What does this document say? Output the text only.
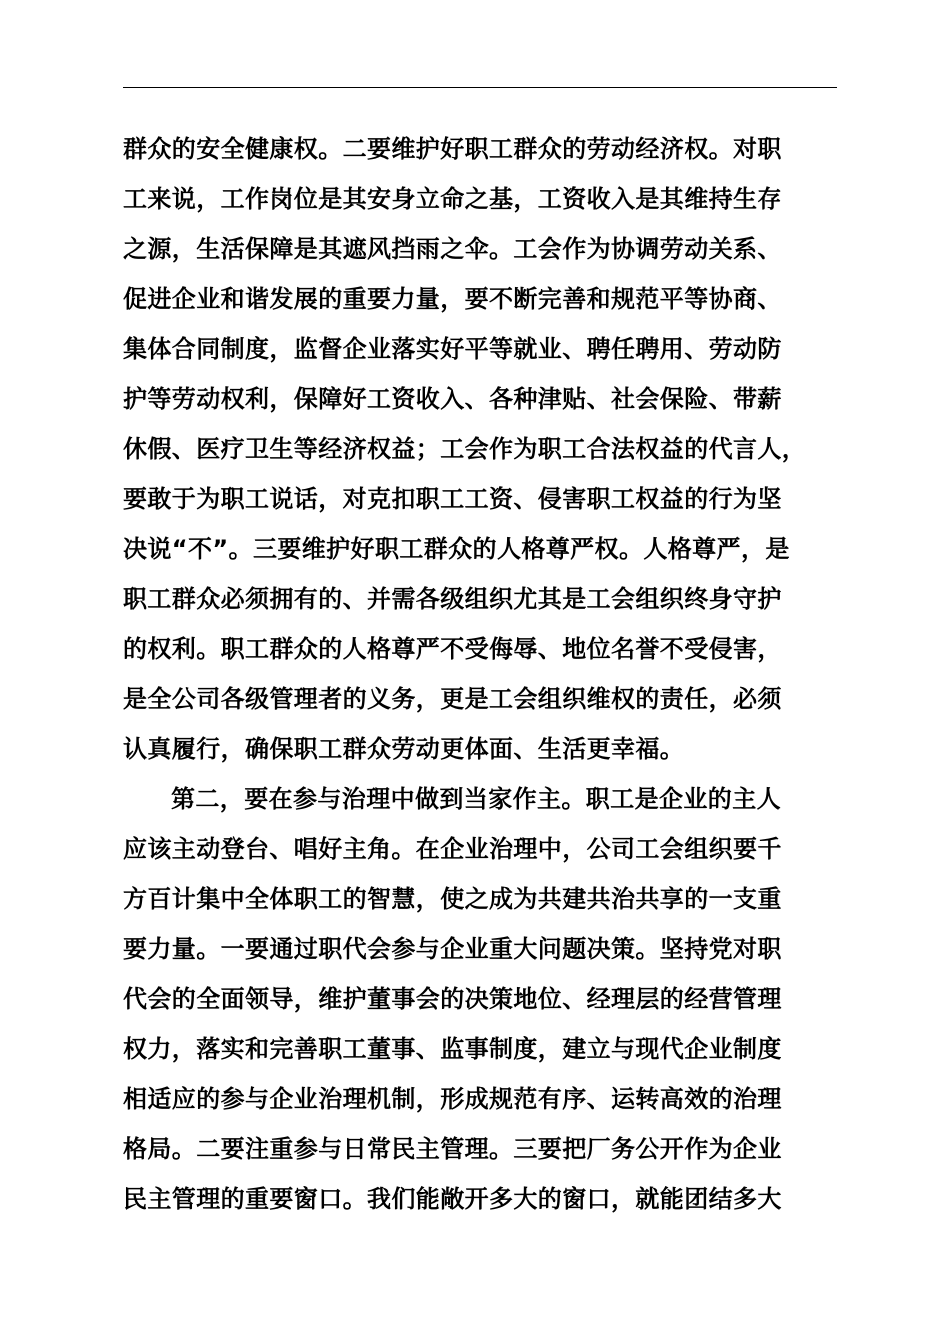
群众的安全健康权。二要维护好职工群众的劳动经济权。对职
工来说，工作岗位是其安身立命之基，工资收入是其维持生存
之源，生活保障是其遮风挡雨之伞。工会作为协调劳动关系、
促进企业和谐发展的重要力量，要不断完善和规范平等协商、
集体合同制度，监督企业落实好平等就业、聘任聘用、劳动防
护等劳动权利，保障好工资收入、各种津贴、社会保险、带薪
休假、医疗卫生等经济权益；工会作为职工合法权益的代言人，
要敢于为职工说话，对克扣职工工资、侵害职工权益的行为坚
决说“不”。三要维护好职工群众的人格尊严权。人格尊严，是
职工群众必须拥有的、并需各级组织尤其是工会组织终身守护
的权利。职工群众的人格尊严不受侮辱、地位名誉不受侵害，
是全公司各级管理者的义务，更是工会组织维权的责任，必须
认真履行，确保职工群众劳动更体面、生活更幸福。
第二，要在参与治理中做到当家作主。职工是企业的主人
应该主动登台、唱好主角。在企业治理中，公司工会组织要千
方百计集中全体职工的智慧，使之成为共建共治共享的一支重
要力量。一要通过职代会参与企业重大问题决策。坚持党对职
代会的全面领导，维护董事会的决策地位、经理层的经营管理
权力，落实和完善职工董事、监事制度，建立与现代企业制度
相适应的参与企业治理机制，形成规范有序、运转高效的治理
格局。二要注重参与日常民主管理。三要把厂务公开作为企业
民主管理的重要窗口。我们能敞开多大的窗口，就能团结多大
